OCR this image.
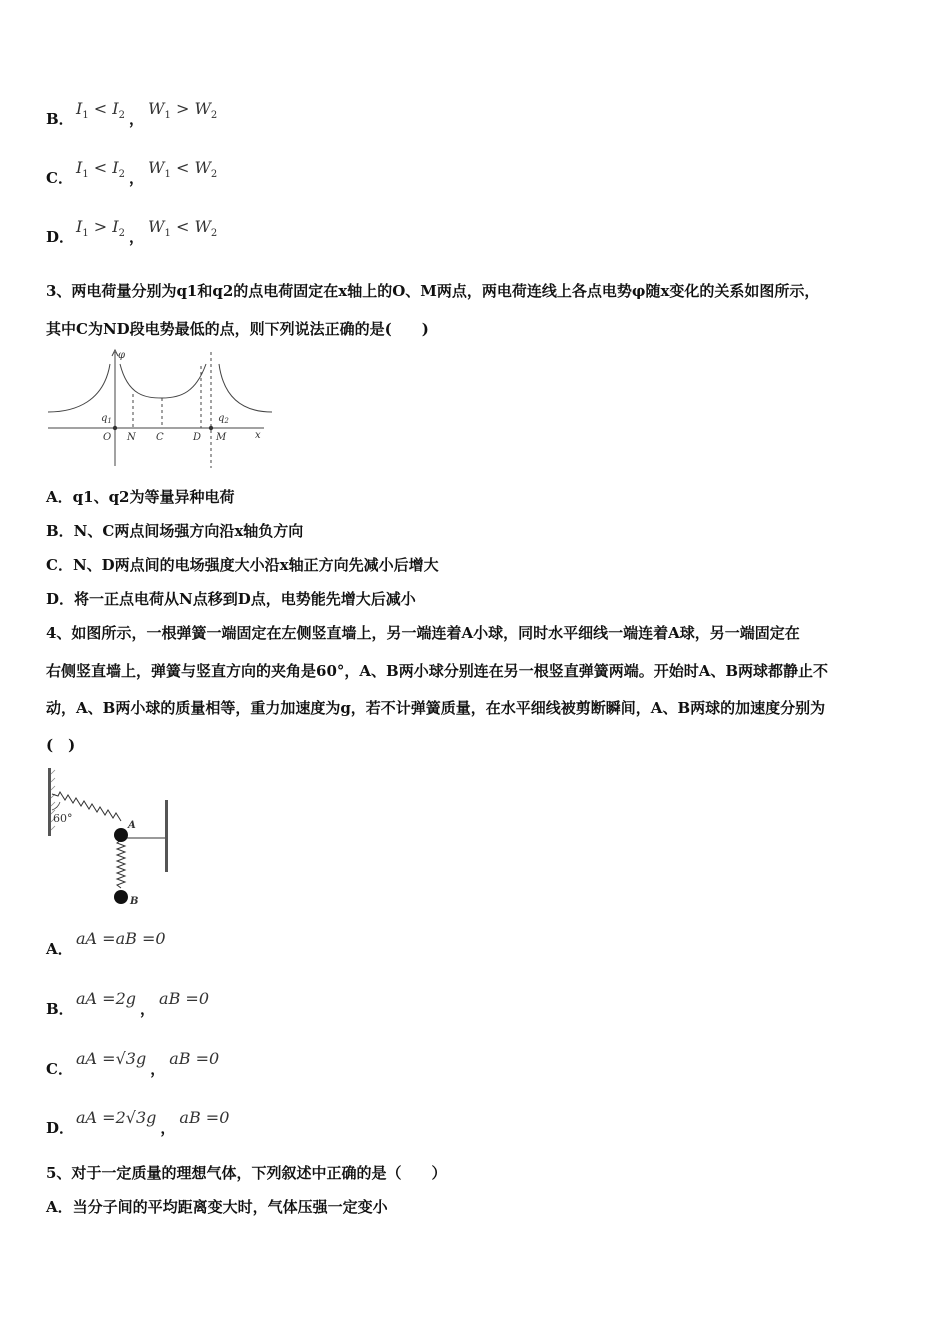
B．$I_1 < I_2$ ，$W_1 > W_2$
C．$I_1 < I_2$ ，$W_1 < W_2$
D．$I_1 > I_2$ ，$W_1 < W_2$
3、两电荷量分别为q1和q2的点电荷固定在x轴上的O、M两点，两电荷连线上各点电势φ随x变化的关系如图所示，
其中C为ND段电势最低的点，则下列说法正确的是(　　)
φ
$q_1$	$q_2$
O N C	D M	x
A．q1、q2为等量异种电荷
B．N、C两点间场强方向沿x轴负方向
C．N、D两点间的电场强度大小沿x轴正方向先减小后增大
D．将一正点电荷从N点移到D点，电势能先增大后减小
4、如图所示，一根弹簧一端固定在左侧竖直墙上，另一端连着A小球，同时水平细线一端连着A球，另一端固定在
右侧竖直墙上，弹簧与竖直方向的夹角是60°，A、B两小球分别连在另一根竖直弹簧两端。开始时A、B两球都静止不
动，A、B两小球的质量相等，重力加速度为g，若不计弹簧质量，在水平细线被剪断瞬间，A、B两球的加速度分别为
(　)
60°
A
B
A．aA =aB =0
B．aA =2g，aB =0
C．aA =√3g，aB =0
D．aA =2√3g，aB =0
5、对于一定质量的理想气体，下列叙述中正确的是（　　）
A．当分子间的平均距离变大时，气体压强一定变小
